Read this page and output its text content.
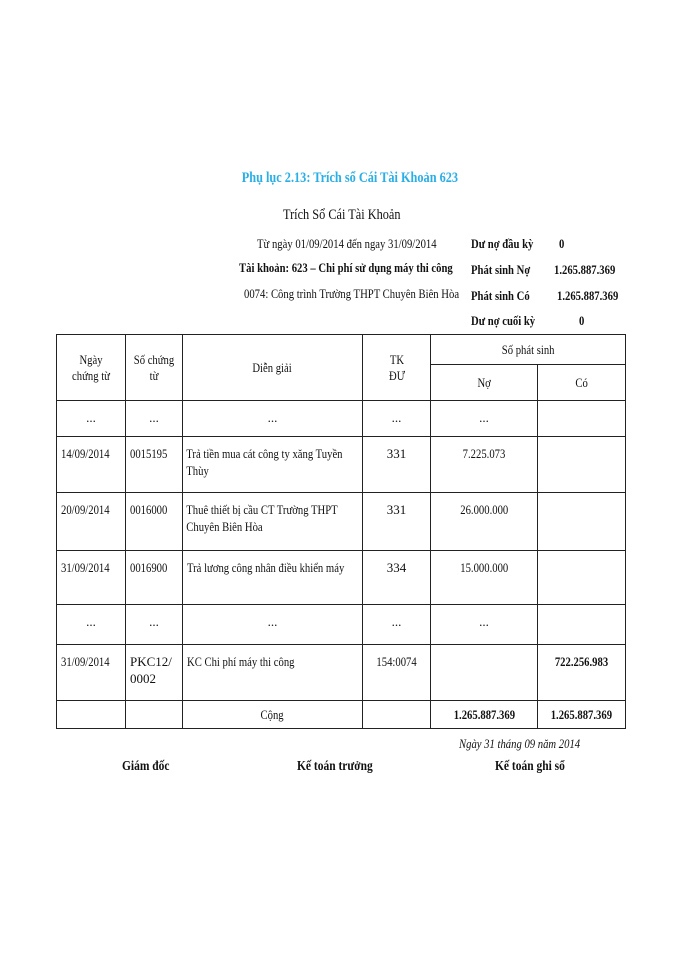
Phụ lục 2.13: Trích sổ Cái Tài Khoản 623
Trích Sổ Cái Tài Khoản
Từ ngày 01/09/2014 đến ngay 31/09/2014
Tài khoản: 623 – Chi phí sử dụng máy thi công
0074: Công trình Trường THPT Chuyên Biên Hòa
Dư nợ đầu kỳ	0
Phát sinh Nợ	1.265.887.369
Phát sinh Có	1.265.887.369
Dư nợ cuối kỳ	0
Ngày chứng từ	Số chứng từ	Diễn giải	TK ĐƯ	Số phát sinh	
				Nợ	Có

...	...	...	...	...	

14/09/2014	0015195	Trả tiền mua cát công ty xăng Tuyền Thùy	331	7.225.073	

20/09/2014	0016000	Thuê thiết bị cầu CT Trường THPT Chuyên Biên Hòa	331	26.000.000	

31/09/2014	0016900	Trả lương công nhân điều khiển máy	334	15.000.000	

...	...	...	...	...	

31/09/2014	PKC12/ 0002	KC Chi phí máy thi công	154:0074		722.256.983

		Cộng		1.265.887.369	1.265.887.369
Ngày 31 tháng 09 năm 2014
Giám đốc	Kế toán trưởng	Kế toán ghi sổ
